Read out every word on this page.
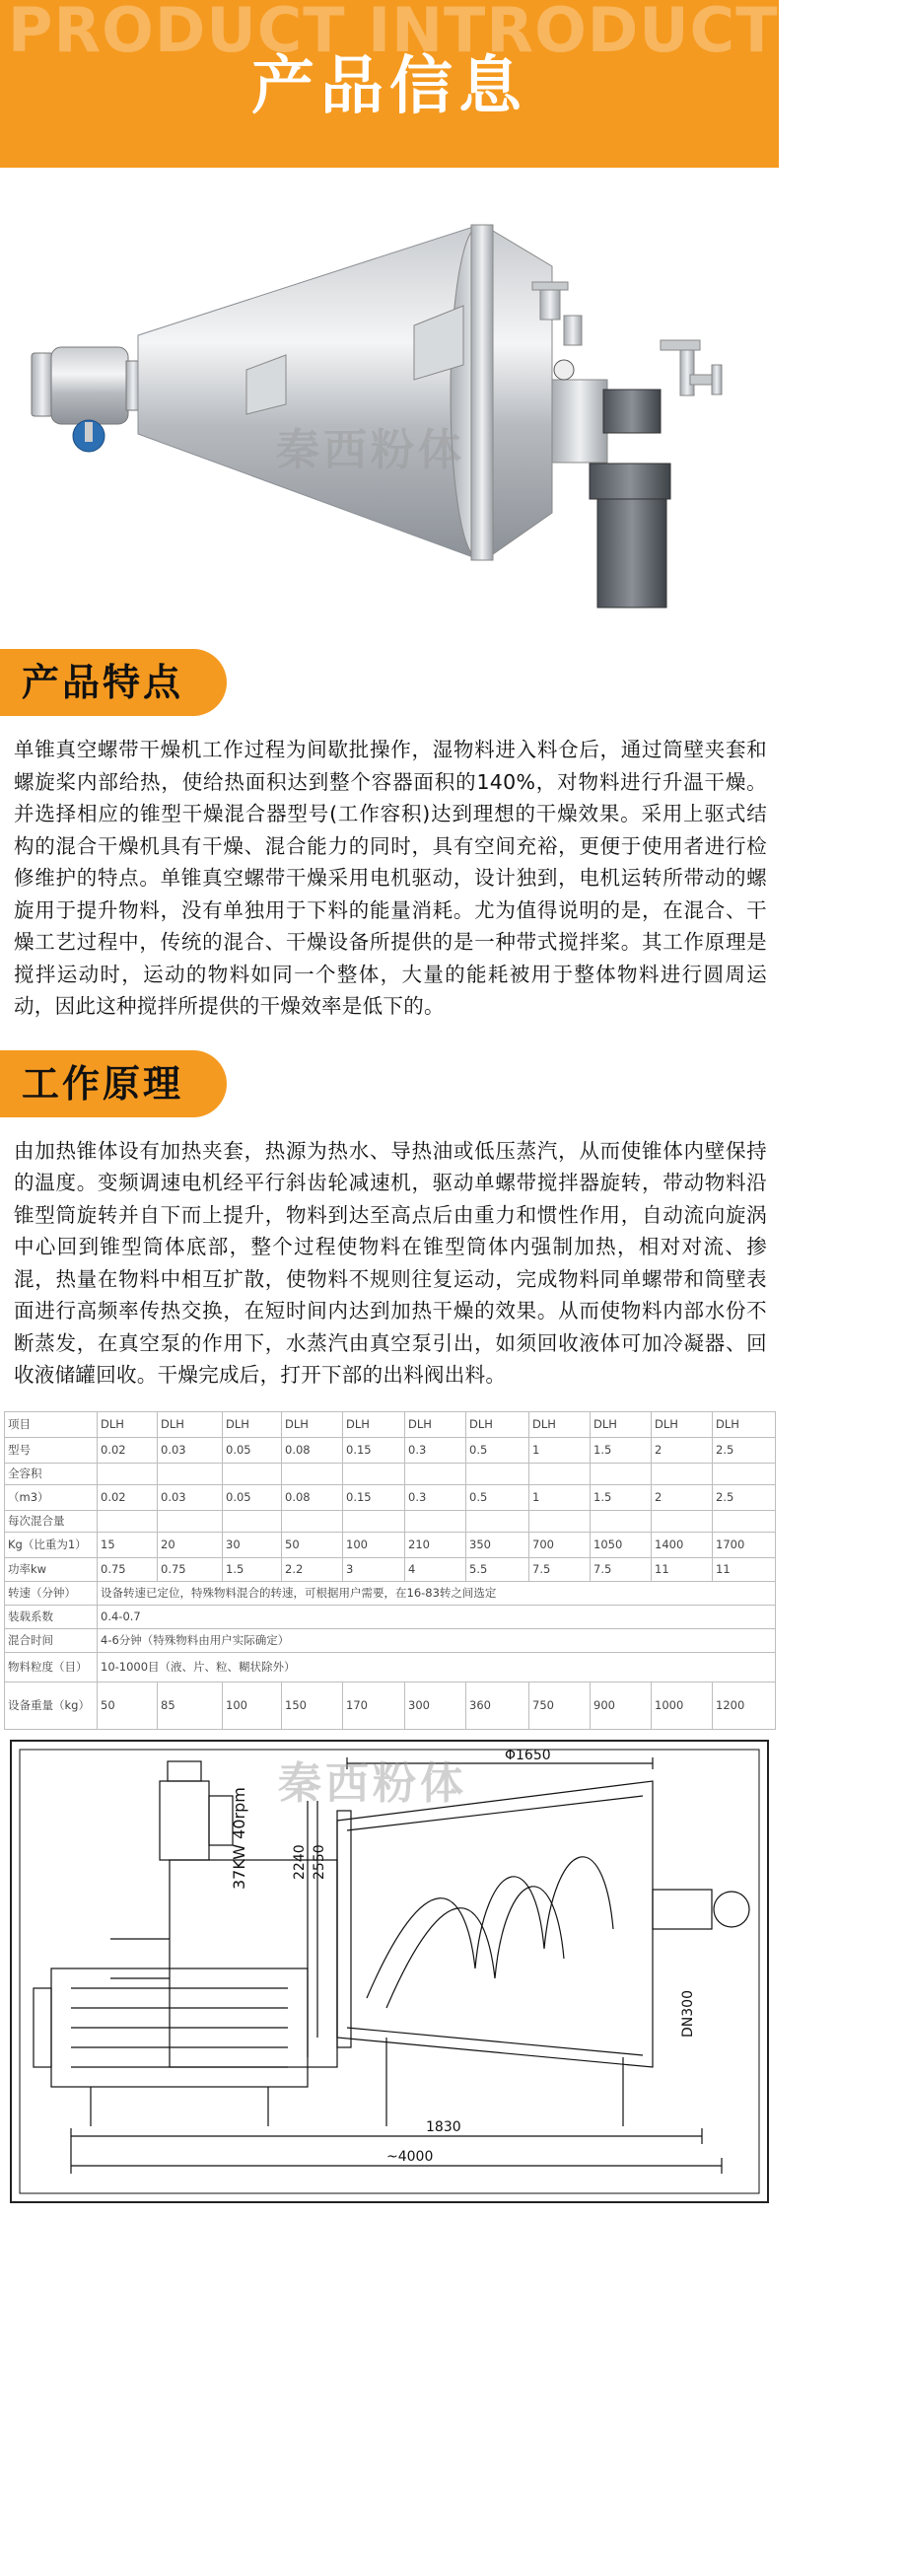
PRODUCT INTRODUCTION
产品信息
秦西粉体
产品特点
单锥真空螺带干燥机工作过程为间歇批操作，湿物料进入料仓后，通过筒壁夹套和螺旋桨内部给热，使给热面积达到整个容器面积的140%，对物料进行升温干燥。并选择相应的锥型干燥混合器型号(工作容积)达到理想的干燥效果。采用上驱式结构的混合干燥机具有干燥、混合能力的同时，具有空间充裕，更便于使用者进行检修维护的特点。单锥真空螺带干燥采用电机驱动，设计独到，电机运转所带动的螺旋用于提升物料，没有单独用于下料的能量消耗。尤为值得说明的是，在混合、干燥工艺过程中，传统的混合、干燥设备所提供的是一种带式搅拌桨。其工作原理是搅拌运动时，运动的物料如同一个整体，大量的能耗被用于整体物料进行圆周运动，因此这种搅拌所提供的干燥效率是低下的。
工作原理
由加热锥体设有加热夹套，热源为热水、导热油或低压蒸汽，从而使锥体内壁保持的温度。变频调速电机经平行斜齿轮减速机，驱动单螺带搅拌器旋转，带动物料沿锥型筒旋转并自下而上提升，物料到达至高点后由重力和惯性作用，自动流向旋涡中心回到锥型筒体底部，整个过程使物料在锥型筒体内强制加热，相对对流、掺混，热量在物料中相互扩散，使物料不规则往复运动，完成物料同单螺带和筒壁表面进行高频率传热交换，在短时间内达到加热干燥的效果。从而使物料内部水份不断蒸发，在真空泵的作用下，水蒸汽由真空泵引出，如须回收液体可加冷凝器、回收液储罐回收。干燥完成后，打开下部的出料阀出料。
项目	DLH	DLH	DLH	DLH	DLH	DLH	DLH	DLH	DLH	DLH	DLH
型号	0.02	0.03	0.05	0.08	0.15	0.3	0.5	1	1.5	2	2.5
全容积											
（m3）	0.02	0.03	0.05	0.08	0.15	0.3	0.5	1	1.5	2	2.5
每次混合量											
Kg（比重为1）	15	20	30	50	100	210	350	700	1050	1400	1700
功率kw	0.75	0.75	1.5	2.2	3	4	5.5	7.5	7.5	11	11
转速（分钟）	设备转速已定位，特殊物料混合的转速，可根据用户需要，在16-83转之间选定										
装载系数	0.4-0.7										
混合时间	4-6分钟（特殊物料由用户实际确定）										
物料粒度（目）	10-1000目（液、片、粒、糊状除外）										
设备重量（kg）	50	85	100	150	170	300	360	750	900	1000	1200
Φ1650
~4000
1830
2240 2550
37KW 40rpm
DN300
秦西粉体
